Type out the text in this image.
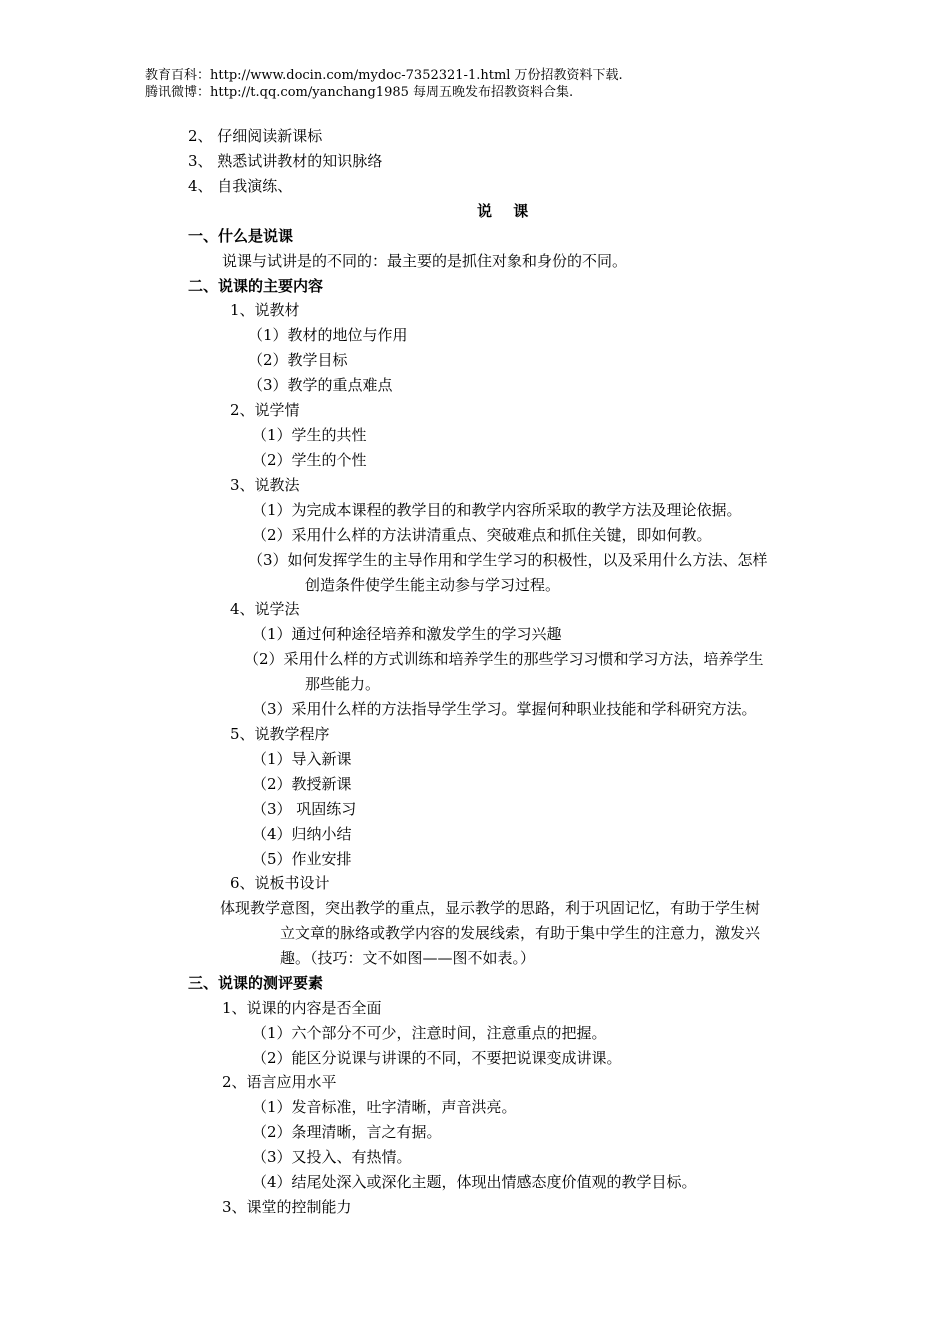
教育百科：http://www.docin.com/mydoc-7352321-1.html 万份招教资料下载.
腾讯微博：http://t.qq.com/yanchang1985 每周五晚发布招教资料合集.
2、 仔细阅读新课标
3、 熟悉试讲教材的知识脉络
4、 自我演练、
说 课
一、什么是说课
说课与试讲是的不同的：最主要的是抓住对象和身份的不同。
二、说课的主要内容
1、说教材
（1）教材的地位与作用
（2）教学目标
（3）教学的重点难点
2、说学情
（1）学生的共性
（2）学生的个性
3、说教法
（1）为完成本课程的教学目的和教学内容所采取的教学方法及理论依据。
（2）采用什么样的方法讲清重点、突破难点和抓住关键，即如何教。
（3）如何发挥学生的主导作用和学生学习的积极性，以及采用什么方法、怎样
创造条件使学生能主动参与学习过程。
4、说学法
（1）通过何种途径培养和激发学生的学习兴趣
（2）采用什么样的方式训练和培养学生的那些学习习惯和学习方法，培养学生
那些能力。
（3）采用什么样的方法指导学生学习。掌握何种职业技能和学科研究方法。
5、说教学程序
（1）导入新课
（2）教授新课
（3） 巩固练习
（4）归纳小结
（5）作业安排
6、说板书设计
体现教学意图，突出教学的重点，显示教学的思路，利于巩固记忆，有助于学生树
立文章的脉络或教学内容的发展线索，有助于集中学生的注意力，激发兴
趣。（技巧：文不如图——图不如表。）
三、说课的测评要素
1、说课的内容是否全面
（1）六个部分不可少，注意时间，注意重点的把握。
（2）能区分说课与讲课的不同，不要把说课变成讲课。
2、语言应用水平
（1）发音标准，吐字清晰，声音洪亮。
（2）条理清晰，言之有据。
（3）又投入、有热情。
（4）结尾处深入或深化主题，体现出情感态度价值观的教学目标。
3、课堂的控制能力
